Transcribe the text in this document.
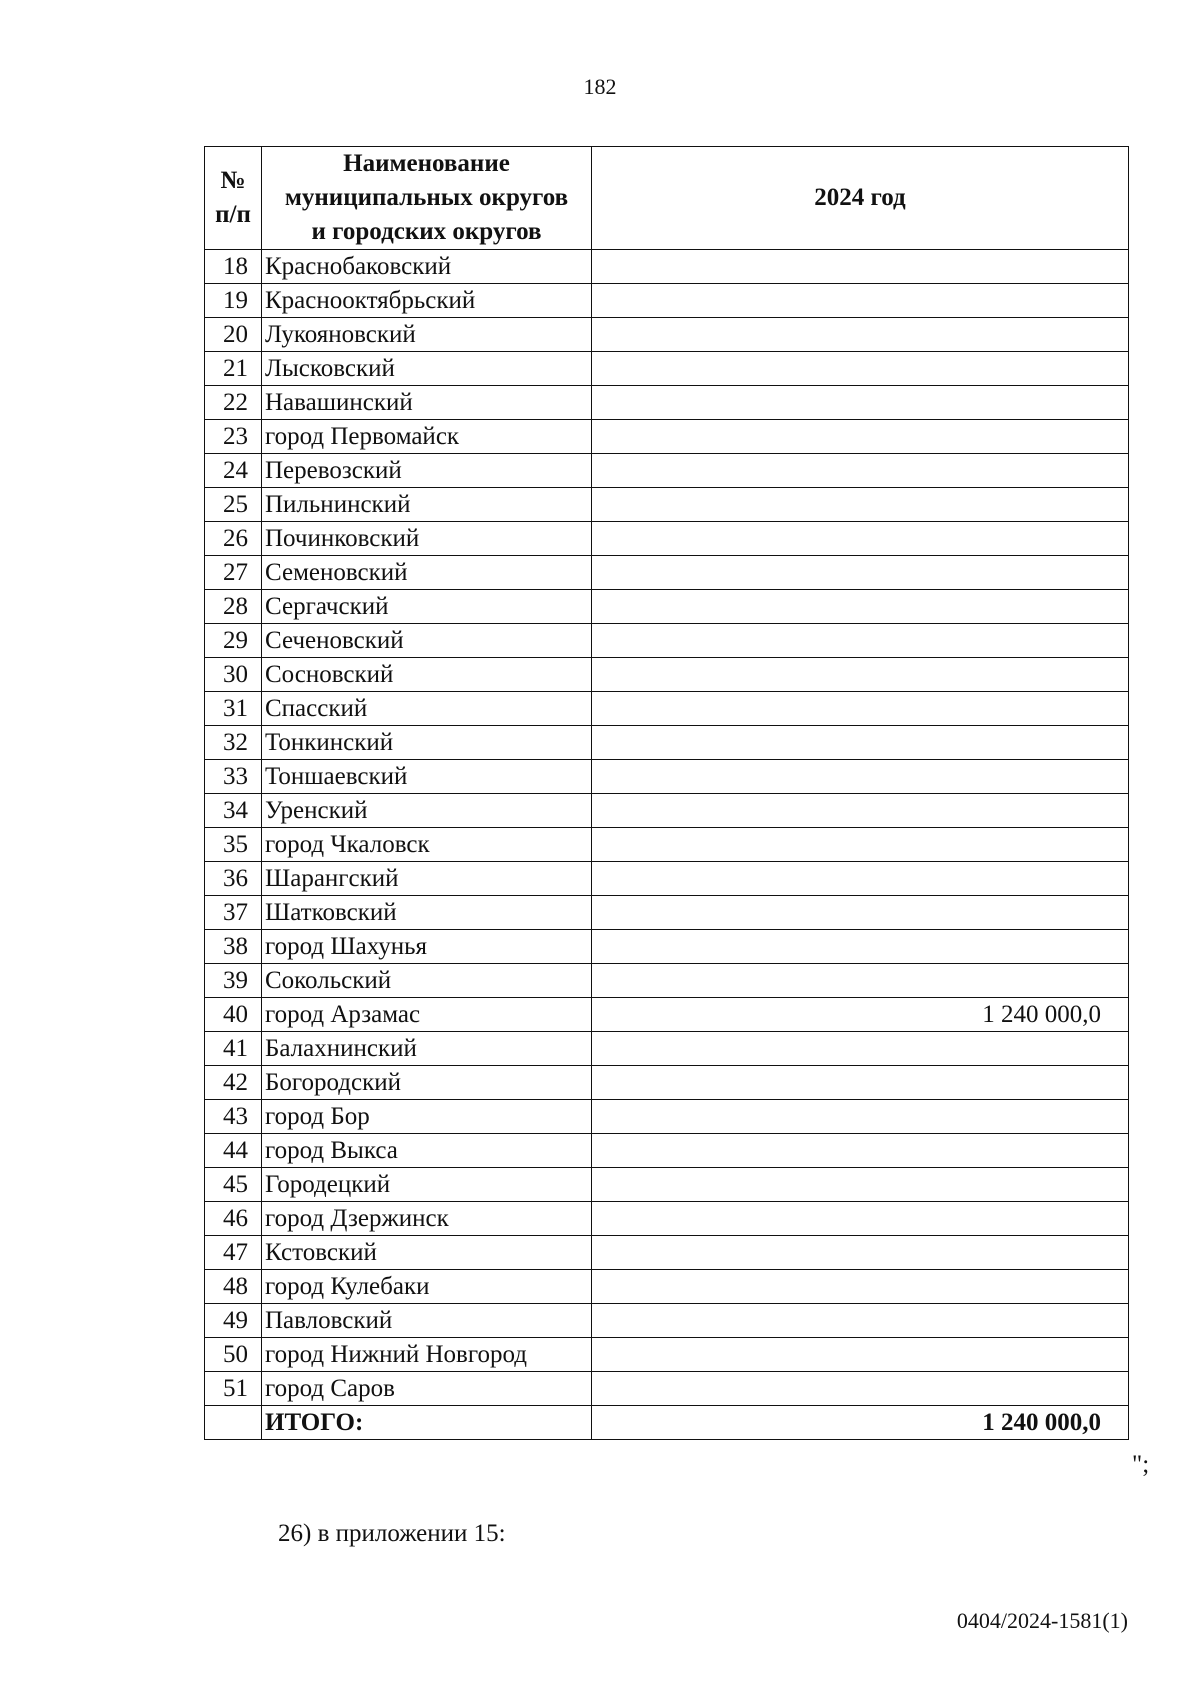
182
№
п/п	Наименование
муниципальных округов
и городских округов	2024 год
18	Краснобаковский	
19	Краснооктябрьский	
20	Лукояновский	
21	Лысковский	
22	Навашинский	
23	город Первомайск	
24	Перевозский	
25	Пильнинский	
26	Починковский	
27	Семеновский	
28	Сергачский	
29	Сеченовский	
30	Сосновский	
31	Спасский	
32	Тонкинский	
33	Тоншаевский	
34	Уренский	
35	город Чкаловск	
36	Шарангский	
37	Шатковский	
38	город Шахунья	
39	Сокольский	
40	город Арзамас	1 240 000,0
41	Балахнинский	
42	Богородский	
43	город Бор	
44	город Выкса	
45	Городецкий	
46	город Дзержинск	
47	Кстовский	
48	город Кулебаки	
49	Павловский	
50	город Нижний Новгород	
51	город Саров	
	ИТОГО:	1 240 000,0
";
26) в приложении 15:
0404/2024-1581(1)
